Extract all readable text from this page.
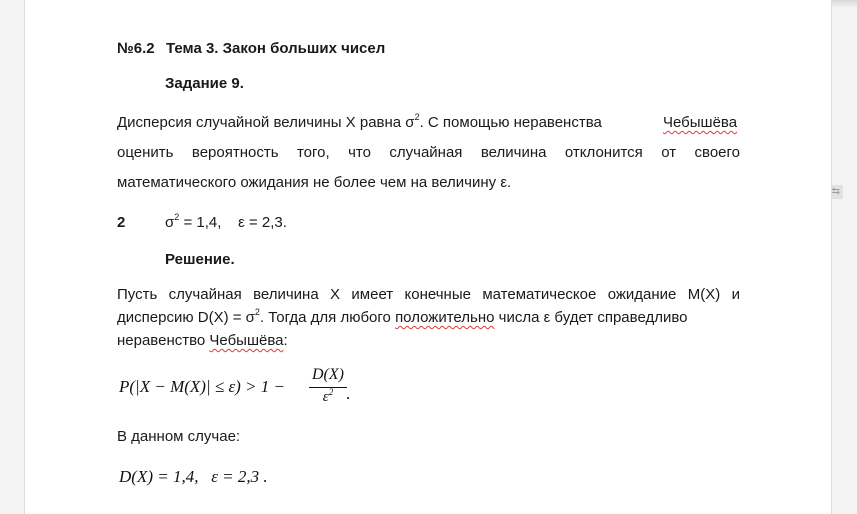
⇆
№6.2 Тема 3. Закон больших чисел
Задание 9.
Дисперсия случайной величины X равна $\sigma^2$. С помощью неравенства	Чебышёва
оценить вероятность того, что случайная величина отклонится от своего
математического ожидания не более чем на величину ε.
2	$\sigma^2 = 1,4$,    ε = 2,3.
Решение.
Пусть случайная величина X имеет конечные математическое ожидание M(X) и
дисперсию $D(X) = \sigma^2$. Тогда для любого положительно числа ε будет справедливо
неравенство Чебышёва:
P(|X − M(X)| ≤ ε) > 1 −
D(X)
$\varepsilon^2$ .
В данном случае:
D(X) = 1,4,   ε = 2,3 .
